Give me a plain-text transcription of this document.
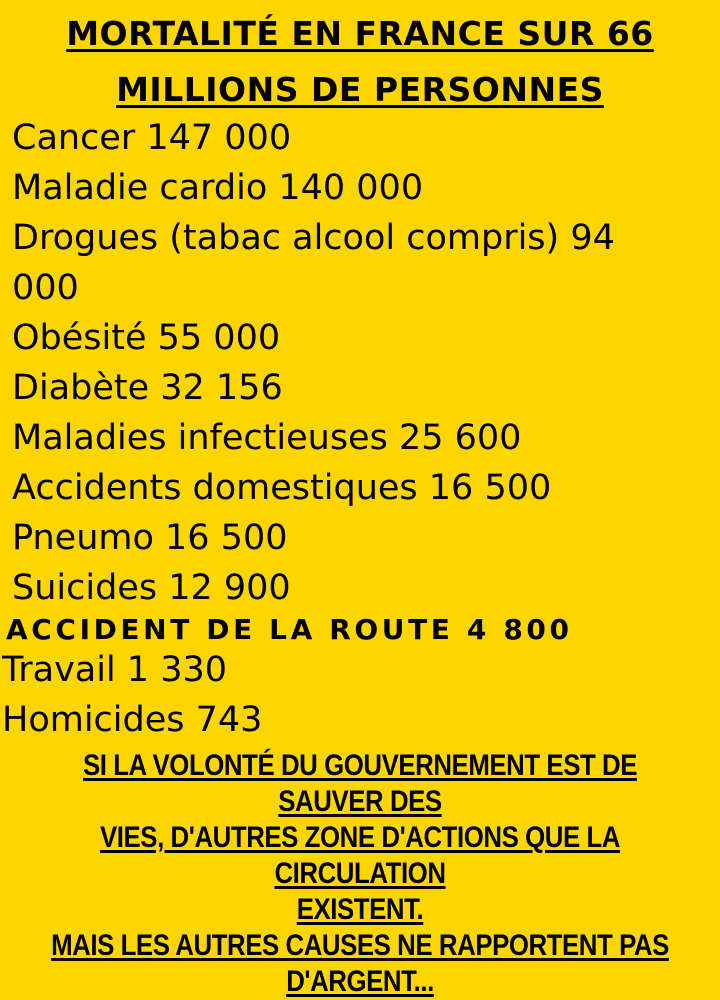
MORTALITÉ EN FRANCE SUR 66
MILLIONS DE PERSONNES
Cancer 147 000
Maladie cardio 140 000
Drogues (tabac alcool compris) 94
000
Obésité 55 000
Diabète 32 156
Maladies infectieuses 25 600
Accidents domestiques 16 500
Pneumo 16 500
Suicides 12 900
ACCIDENT DE LA ROUTE 4 800
Travail 1 330
Homicides 743

SI LA VOLONTÉ DU GOUVERNEMENT EST DE SAUVER DES

VIES, D'AUTRES ZONE D'ACTIONS QUE LA CIRCULATION

EXISTENT.

MAIS LES AUTRES CAUSES NE RAPPORTENT PAS

D'ARGENT...
